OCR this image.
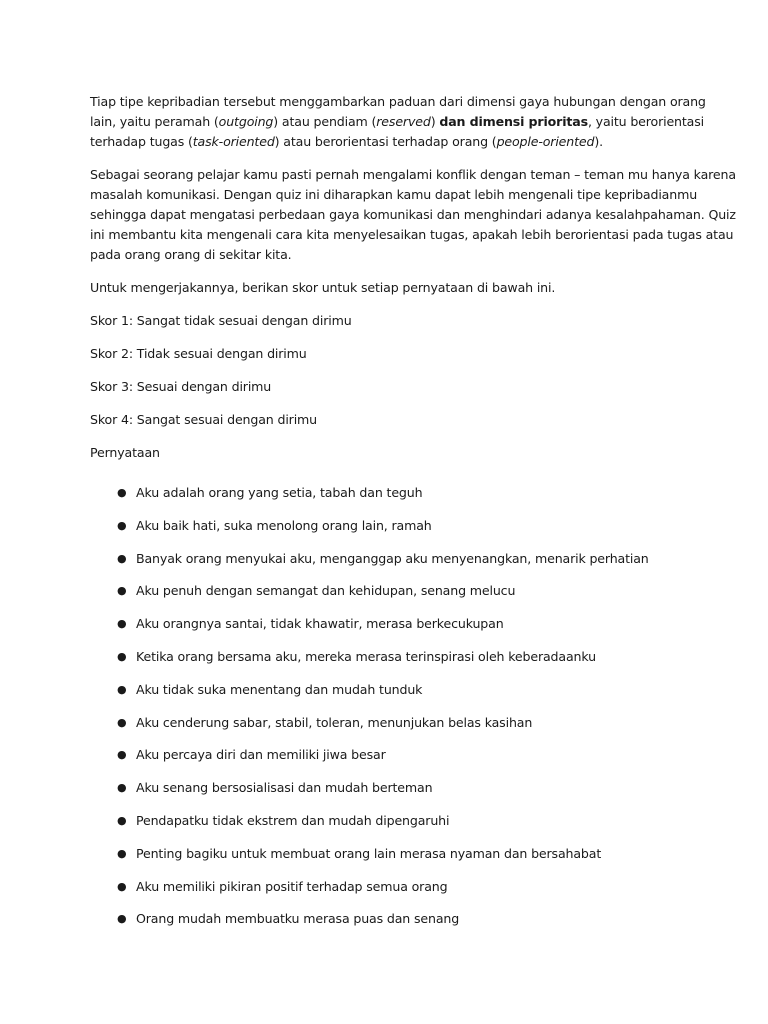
Tiap tipe kepribadian tersebut menggambarkan paduan dari dimensi gaya hubungan dengan orang
lain, yaitu peramah (outgoing) atau pendiam (reserved) dan dimensi prioritas, yaitu berorientasi
terhadap tugas (task-oriented) atau berorientasi terhadap orang (people-oriented).

Sebagai seorang pelajar kamu pasti pernah mengalami konflik dengan teman – teman mu hanya karena
masalah komunikasi. Dengan quiz ini diharapkan kamu dapat lebih mengenali tipe kepribadianmu
sehingga dapat mengatasi perbedaan gaya komunikasi dan menghindari adanya kesalahpahaman. Quiz
ini membantu kita mengenali cara kita menyelesaikan tugas, apakah lebih berorientasi pada tugas atau
pada orang orang di sekitar kita.

Untuk mengerjakannya, berikan skor untuk setiap pernyataan di bawah ini.

Skor 1: Sangat tidak sesuai dengan dirimu

Skor 2: Tidak sesuai dengan dirimu

Skor 3: Sesuai dengan dirimu

Skor 4: Sangat sesuai dengan dirimu

Pernyataan

● Aku adalah orang yang setia, tabah dan teguh
● Aku baik hati, suka menolong orang lain, ramah
● Banyak orang menyukai aku, menganggap aku menyenangkan, menarik perhatian
● Aku penuh dengan semangat dan kehidupan, senang melucu
● Aku orangnya santai, tidak khawatir, merasa berkecukupan
● Ketika orang bersama aku, mereka merasa terinspirasi oleh keberadaanku
● Aku tidak suka menentang dan mudah tunduk
● Aku cenderung sabar, stabil, toleran, menunjukan belas kasihan
● Aku percaya diri dan memiliki jiwa besar
● Aku senang bersosialisasi dan mudah berteman
● Pendapatku tidak ekstrem dan mudah dipengaruhi
● Penting bagiku untuk membuat orang lain merasa nyaman dan bersahabat
● Aku memiliki pikiran positif terhadap semua orang
● Orang mudah membuatku merasa puas dan senang
